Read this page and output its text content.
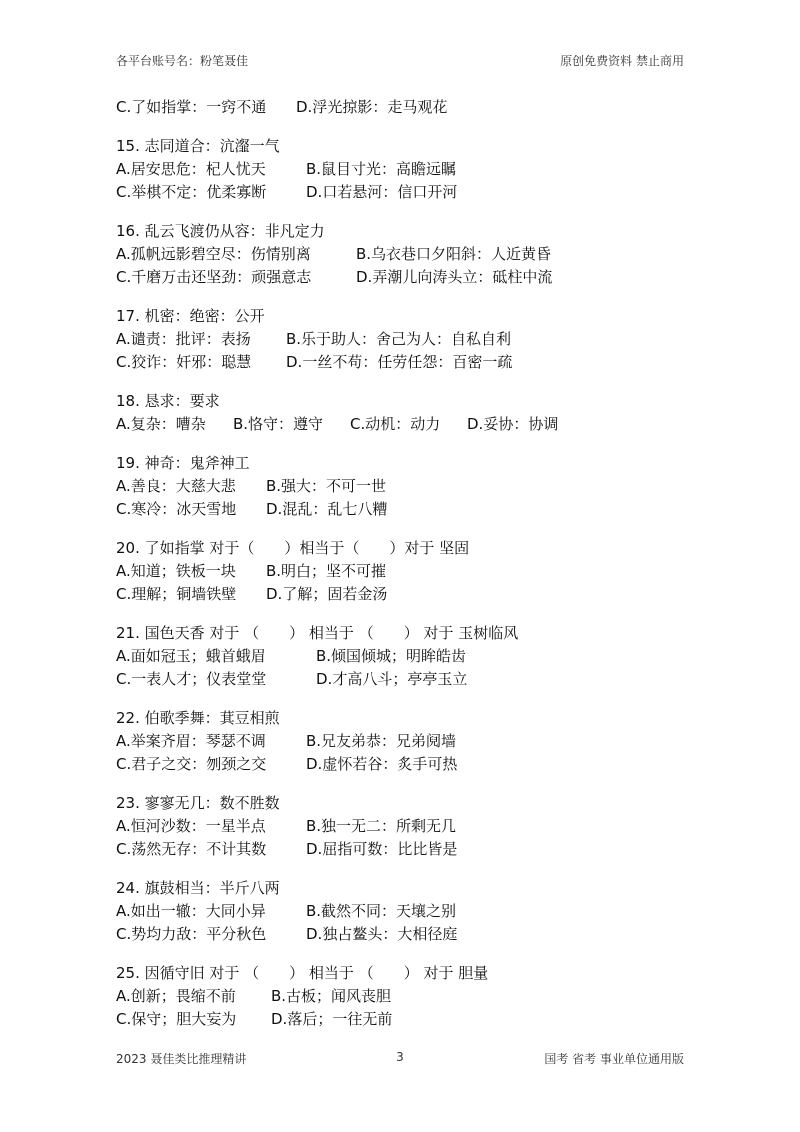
各平台账号名：粉笔聂佳	原创免费资料 禁止商用
C.了如指掌：一窍不通	D.浮光掠影：走马观花
15. 志同道合：沆瀣一气
A.居安思危：杞人忧天	B.鼠目寸光：高瞻远瞩
C.举棋不定：优柔寡断	D.口若悬河：信口开河
16. 乱云飞渡仍从容：非凡定力
A.孤帆远影碧空尽：伤情别离	B.乌衣巷口夕阳斜：人近黄昏
C.千磨万击还坚劲：顽强意志	D.弄潮儿向涛头立：砥柱中流
17. 机密：绝密：公开
A.谴责：批评：表扬	B.乐于助人：舍己为人：自私自利
C.狡诈：奸邪：聪慧	D.一丝不苟：任劳任怨：百密一疏
18. 恳求：要求
A.复杂：嘈杂	B.恪守：遵守	C.动机：动力	D.妥协：协调
19. 神奇：鬼斧神工
A.善良：大慈大悲	B.强大：不可一世
C.寒冷：冰天雪地	D.混乱：乱七八糟
20. 了如指掌 对于（　　）相当于（　　）对于 坚固
A.知道；铁板一块	B.明白；坚不可摧
C.理解；铜墙铁壁	D.了解；固若金汤
21. 国色天香 对于 （　　） 相当于 （　　） 对于 玉树临风
A.面如冠玉；蛾首蛾眉	B.倾国倾城；明眸皓齿
C.一表人才；仪表堂堂	D.才高八斗；亭亭玉立
22. 伯歌季舞：萁豆相煎
A.举案齐眉：琴瑟不调	B.兄友弟恭：兄弟阋墙
C.君子之交：刎颈之交	D.虚怀若谷：炙手可热
23. 寥寥无几：数不胜数
A.恒河沙数：一星半点	B.独一无二：所剩无几
C.荡然无存：不计其数	D.屈指可数：比比皆是
24. 旗鼓相当：半斤八两
A.如出一辙：大同小异	B.截然不同：天壤之别
C.势均力敌：平分秋色	D.独占鳌头：大相径庭
25. 因循守旧 对于 （　　） 相当于 （　　） 对于 胆量
A.创新；畏缩不前	B.古板；闻风丧胆
C.保守；胆大妄为	D.落后；一往无前
2023 聂佳类比推理精讲	3	国考 省考 事业单位通用版
